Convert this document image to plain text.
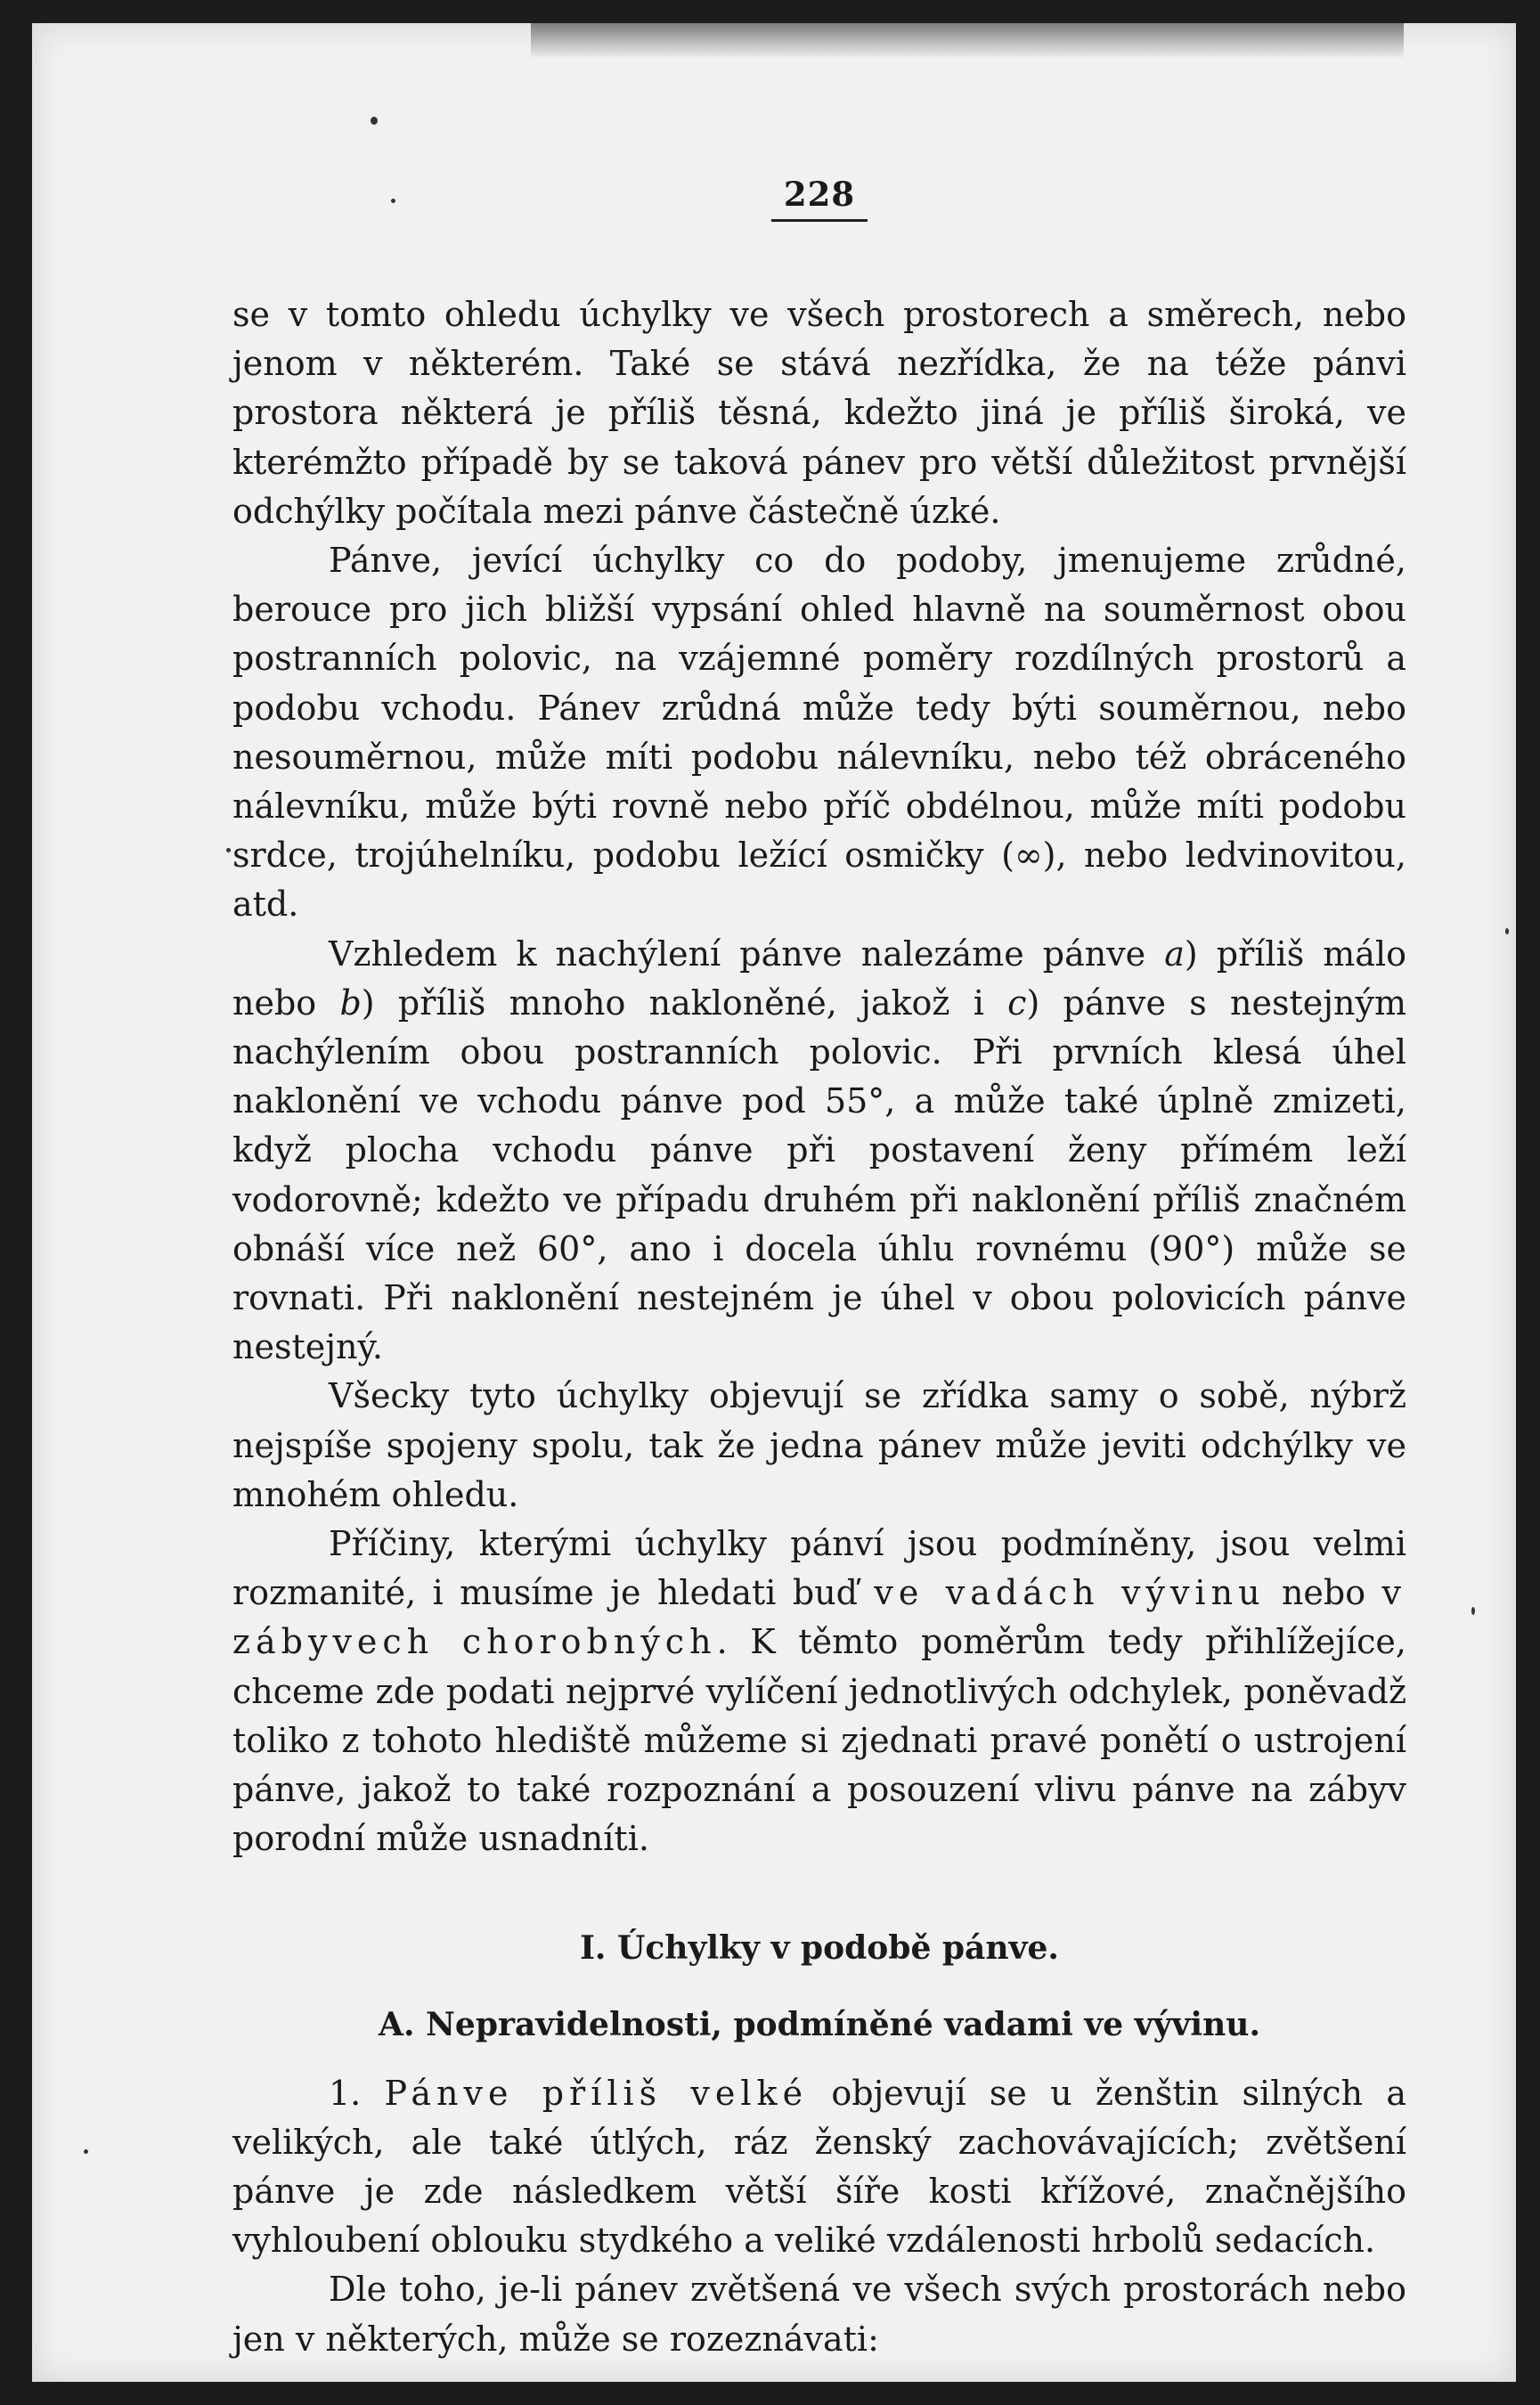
228

se v tomto ohledu úchylky ve všech prostorech a směrech, nebo jenom v některém. Také se stává nezřídka, že na téže pánvi prostora některá je příliš těsná, kdežto jiná je příliš široká, ve kterémžto případě by se taková pánev pro větší důležitost prvnější odchýlky počítala mezi pánve částečně úzké.

Pánve, jevící úchylky co do podoby, jmenujeme zrůdné, berouce pro jich bližší vypsání ohled hlavně na souměrnost obou postranních polovic, na vzájemné poměry rozdílných prostorů a podobu vchodu. Pánev zrůdná může tedy býti souměrnou, nebo nesouměrnou, může míti podobu nálevníku, nebo též obráceného nálevníku, může býti rovně nebo příč obdélnou, může míti podobu srdce, trojúhelníku, podobu ležící osmičky (∞), nebo ledvinovitou, atd.

Vzhledem k nachýlení pánve nalezáme pánve a) příliš málo nebo b) příliš mnoho nakloněné, jakož i c) pánve s nestejným nachýlením obou postranních polovic. Při prvních klesá úhel naklonění ve vchodu pánve pod 55°, a může také úplně zmizeti, když plocha vchodu pánve při postavení ženy přímém leží vodorovně; kdežto ve případu druhém při naklonění příliš značném obnáší více než 60°, ano i docela úhlu rovnému (90°) může se rovnati. Při naklonění nestejném je úhel v obou polovicích pánve nestejný.

Všecky tyto úchylky objevují se zřídka samy o sobě, nýbrž nejspíše spojeny spolu, tak že jedna pánev může jeviti odchýlky ve mnohém ohledu.

Příčiny, kterými úchylky pánví jsou podmíněny, jsou velmi rozmanité, i musíme je hledati buď ve vadách vývinu nebo v zábyvech chorobných. K těmto poměrům tedy přihlížejíce, chceme zde podati nejprvé vylíčení jednotlivých odchylek, poněvadž toliko z tohoto hlediště můžeme si zjednati pravé ponětí o ustrojení pánve, jakož to také rozpoznání a posouzení vlivu pánve na zábyv porodní může usnadníti.

I. Úchylky v podobě pánve.
A. Nepravidelnosti, podmíněné vadami ve vývinu.

1. Pánve příliš velké objevují se u ženštin silných a velikých, ale také útlých, ráz ženský zachovávajících; zvětšení pánve je zde následkem větší šíře kosti křížové, značnějšího vyhloubení oblouku stydkého a veliké vzdálenosti hrbolů sedacích.

Dle toho, je-li pánev zvětšená ve všech svých prostorách nebo jen v některých, může se rozeznávati:
